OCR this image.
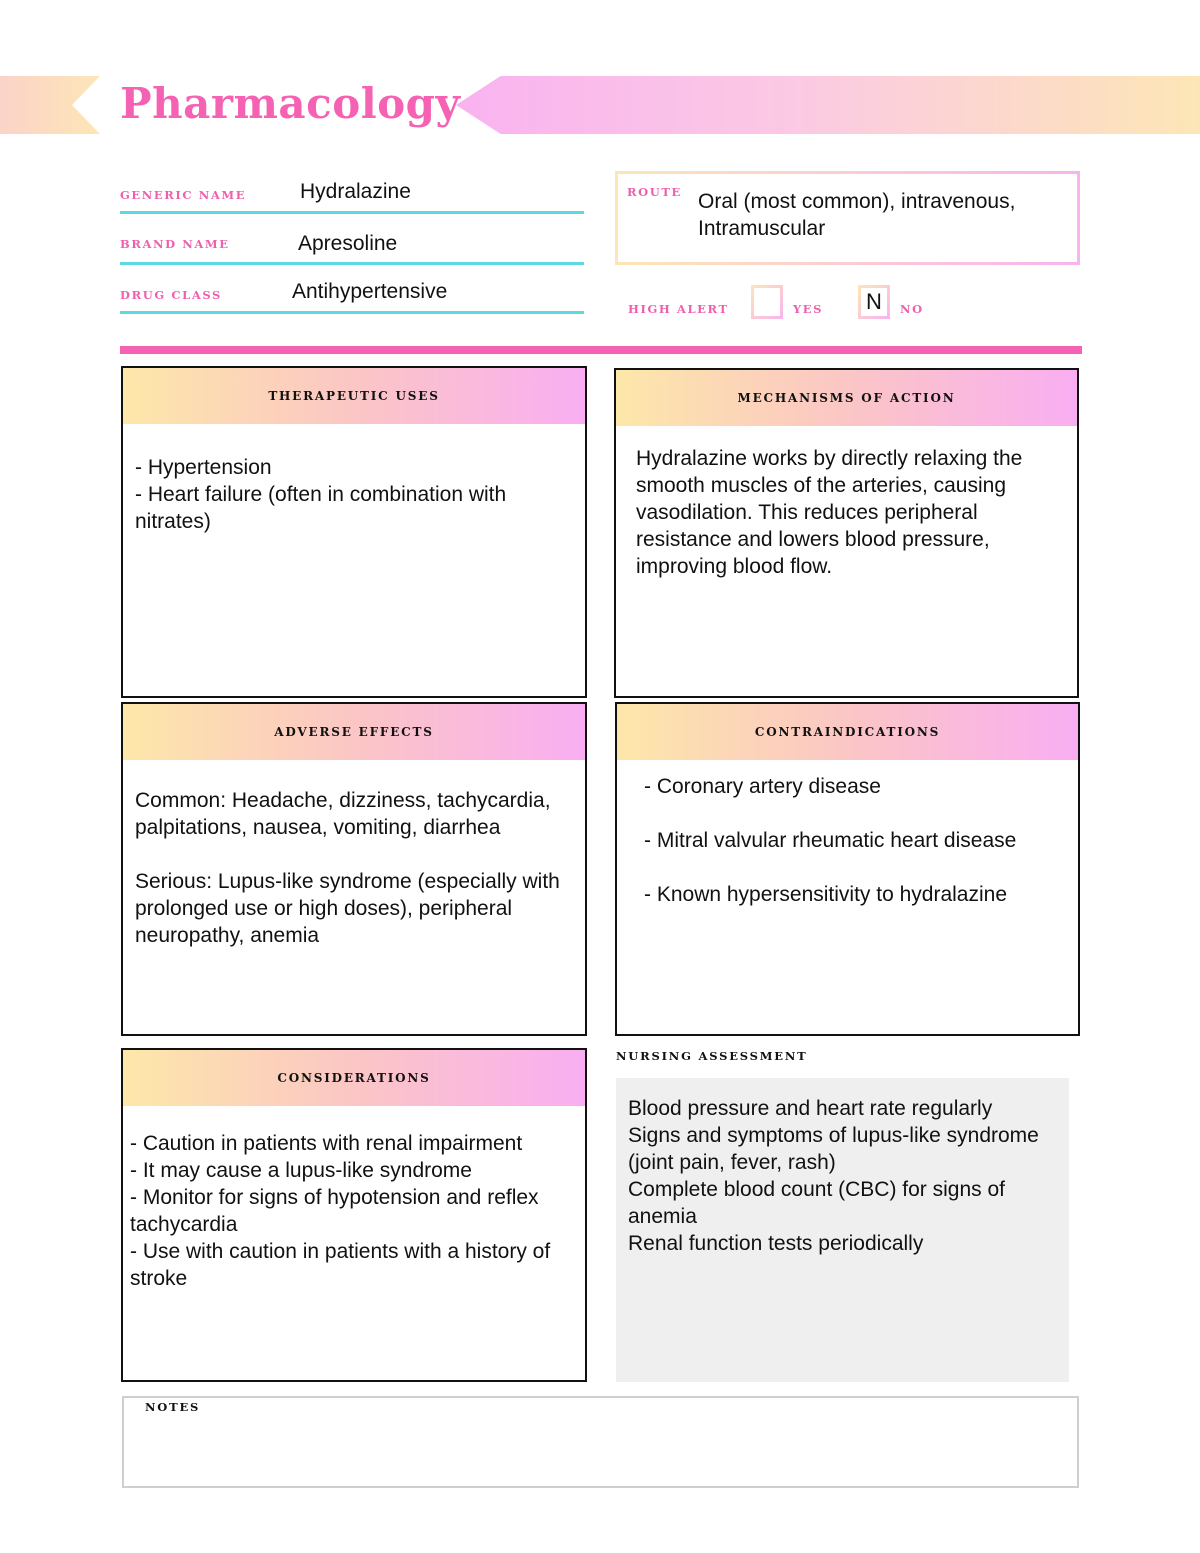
Pharmacology
GENERIC NAME	Hydralazine
BRAND NAME	Apresoline
DRUG CLASS	Antihypertensive
ROUTE Oral (most common), intravenous, Intramuscular
HIGH ALERT	YES	N	NO
THERAPEUTIC USES
- Hypertension
- Heart failure (often in combination with nitrates)
MECHANISMS OF ACTION
Hydralazine works by directly relaxing the smooth muscles of the arteries, causing vasodilation. This reduces peripheral resistance and lowers blood pressure, improving blood flow.
ADVERSE EFFECTS
Common: Headache, dizziness, tachycardia, palpitations, nausea, vomiting, diarrhea

Serious: Lupus-like syndrome (especially with prolonged use or high doses), peripheral neuropathy, anemia
CONTRAINDICATIONS
- Coronary artery disease
- Mitral valvular rheumatic heart disease
- Known hypersensitivity to hydralazine
CONSIDERATIONS
- Caution in patients with renal impairment
- It may cause a lupus-like syndrome
- Monitor for signs of hypotension and reflex tachycardia
- Use with caution in patients with a history of stroke
NURSING ASSESSMENT
Blood pressure and heart rate regularly
Signs and symptoms of lupus-like syndrome (joint pain, fever, rash)
Complete blood count (CBC) for signs of anemia
Renal function tests periodically
NOTES
